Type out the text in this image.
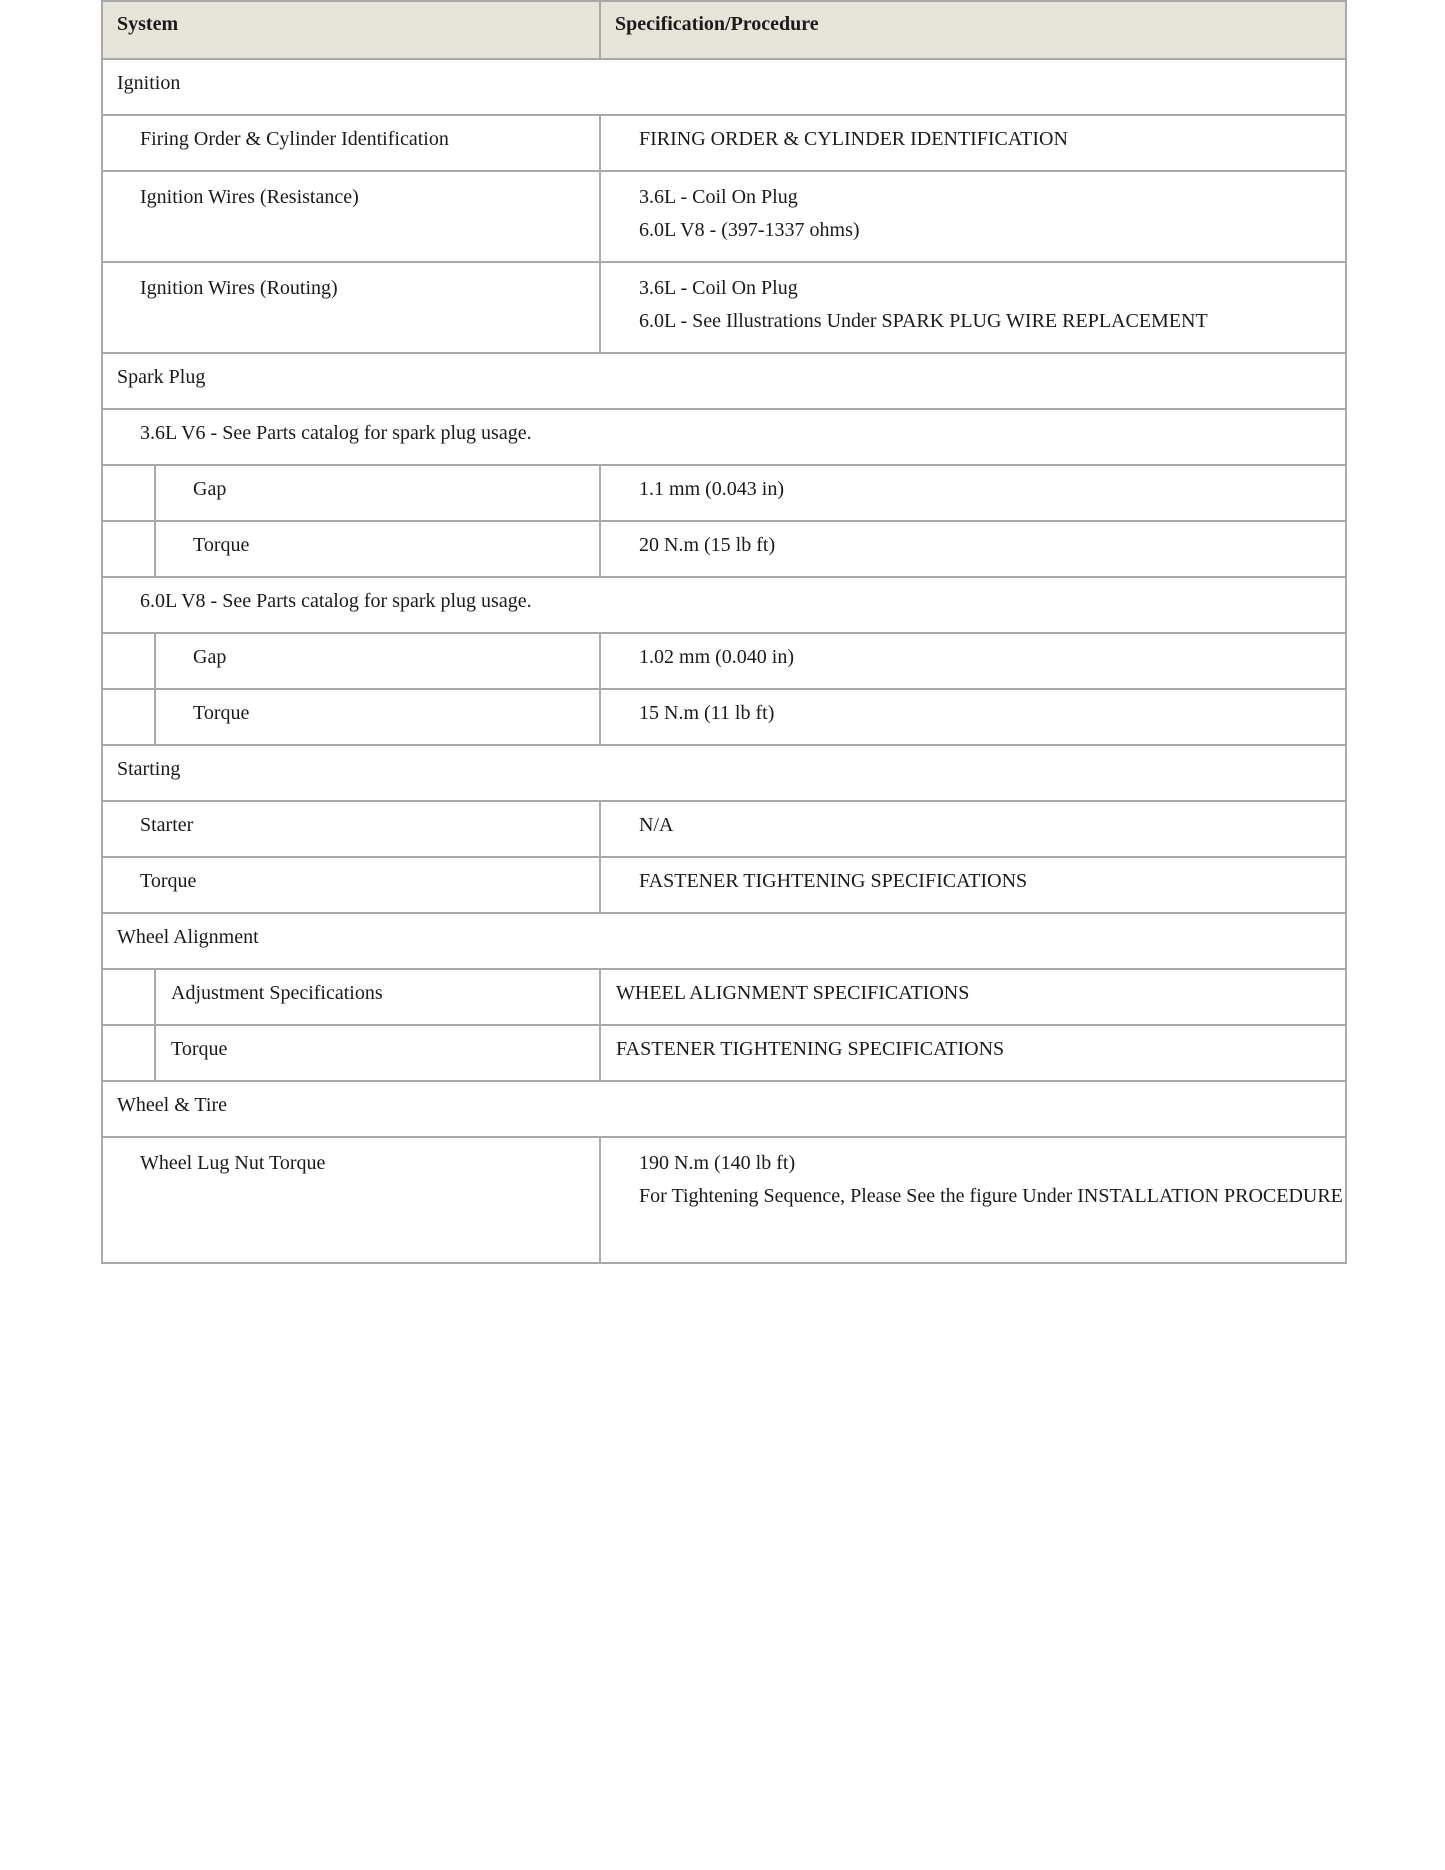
System		Specification/Procedure
Ignition		
Firing Order & Cylinder Identification		FIRING ORDER & CYLINDER IDENTIFICATION
Ignition Wires (Resistance)		3.6L - Coil On Plug
6.0L V8 - (397-1337 ohms)

Ignition Wires (Routing)		3.6L - Coil On Plug
6.0L - See Illustrations Under SPARK PLUG WIRE REPLACEMENT

Spark Plug		
3.6L V6 - See Parts catalog for spark plug usage.		
	Gap	1.1 mm (0.043 in)
	Torque	20 N.m (15 lb ft)
6.0L V8 - See Parts catalog for spark plug usage.		
	Gap	1.02 mm (0.040 in)
	Torque	15 N.m (11 lb ft)
Starting		
Starter		N/A
Torque		FASTENER TIGHTENING SPECIFICATIONS
Wheel Alignment		
	Adjustment Specifications	WHEEL ALIGNMENT SPECIFICATIONS
	Torque	FASTENER TIGHTENING SPECIFICATIONS
Wheel & Tire		
Wheel Lug Nut Torque		190 N.m (140 lb ft)
For Tightening Sequence, Please See the figure Under INSTALLATION PROCEDURE
